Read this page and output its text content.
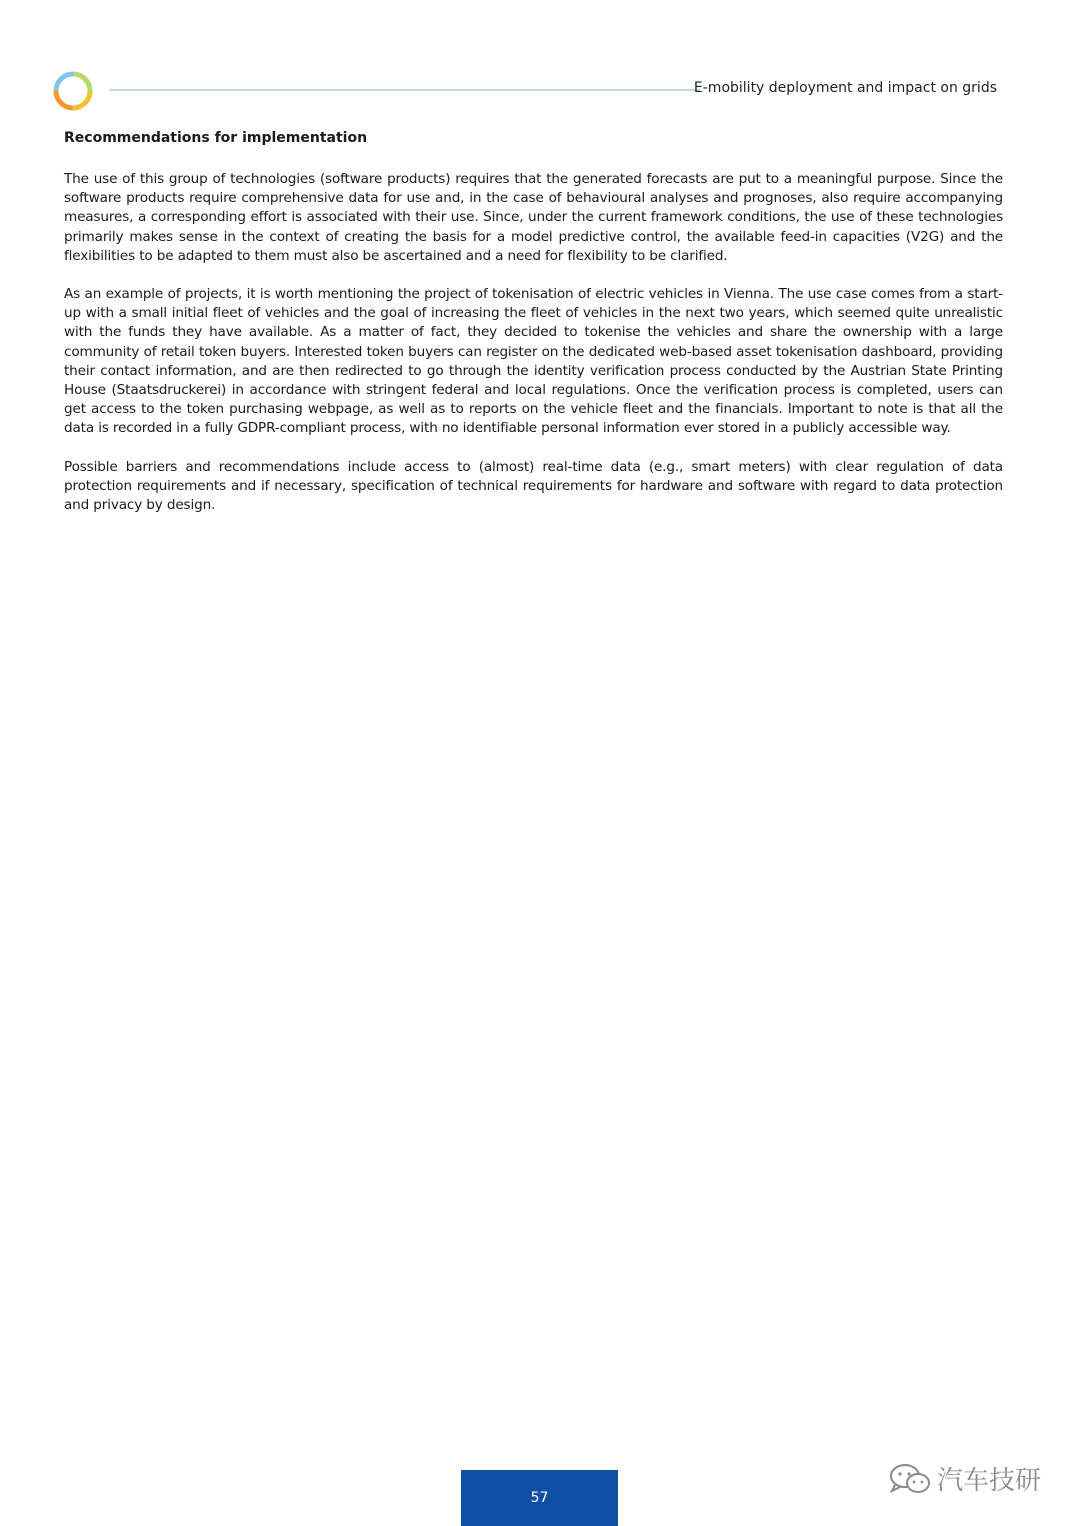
E-mobility deployment and impact on grids
Recommendations for implementation

The use of this group of technologies (software products) requires that the generated forecasts are put to a meaningful purpose. Since the software products require comprehensive data for use and, in the case of behavioural analyses and prognoses, also require accompanying measures, a corresponding effort is associated with their use. Since, under the current framework conditions, the use of these technologies primarily makes sense in the context of creating the basis for a model predictive control, the available feed-in capacities (V2G) and the flexibilities to be adapted to them must also be ascertained and a need for flexibility to be clarified.

As an example of projects, it is worth mentioning the project of tokenisation of electric vehicles in Vienna. The use case comes from a start-up with a small initial fleet of vehicles and the goal of increasing the fleet of vehicles in the next two years, which seemed quite unrealistic with the funds they have available. As a matter of fact, they decided to tokenise the vehicles and share the ownership with a large community of retail token buyers. Interested token buyers can register on the dedicated web-based asset tokenisation dashboard, providing their contact information, and are then redirected to go through the identity verification process conducted by the Austrian State Printing House (Staatsdruckerei) in accordance with stringent federal and local regulations. Once the verification process is completed, users can get access to the token purchasing webpage, as well as to reports on the vehicle fleet and the financials. Important to note is that all the data is recorded in a fully GDPR-compliant process, with no identifiable personal information ever stored in a publicly accessible way.

Possible barriers and recommendations include access to (almost) real-time data (e.g., smart meters) with clear regulation of data protection requirements and if necessary, specification of technical requirements for hardware and software with regard to data protection and privacy by design.

57
汽车技研
